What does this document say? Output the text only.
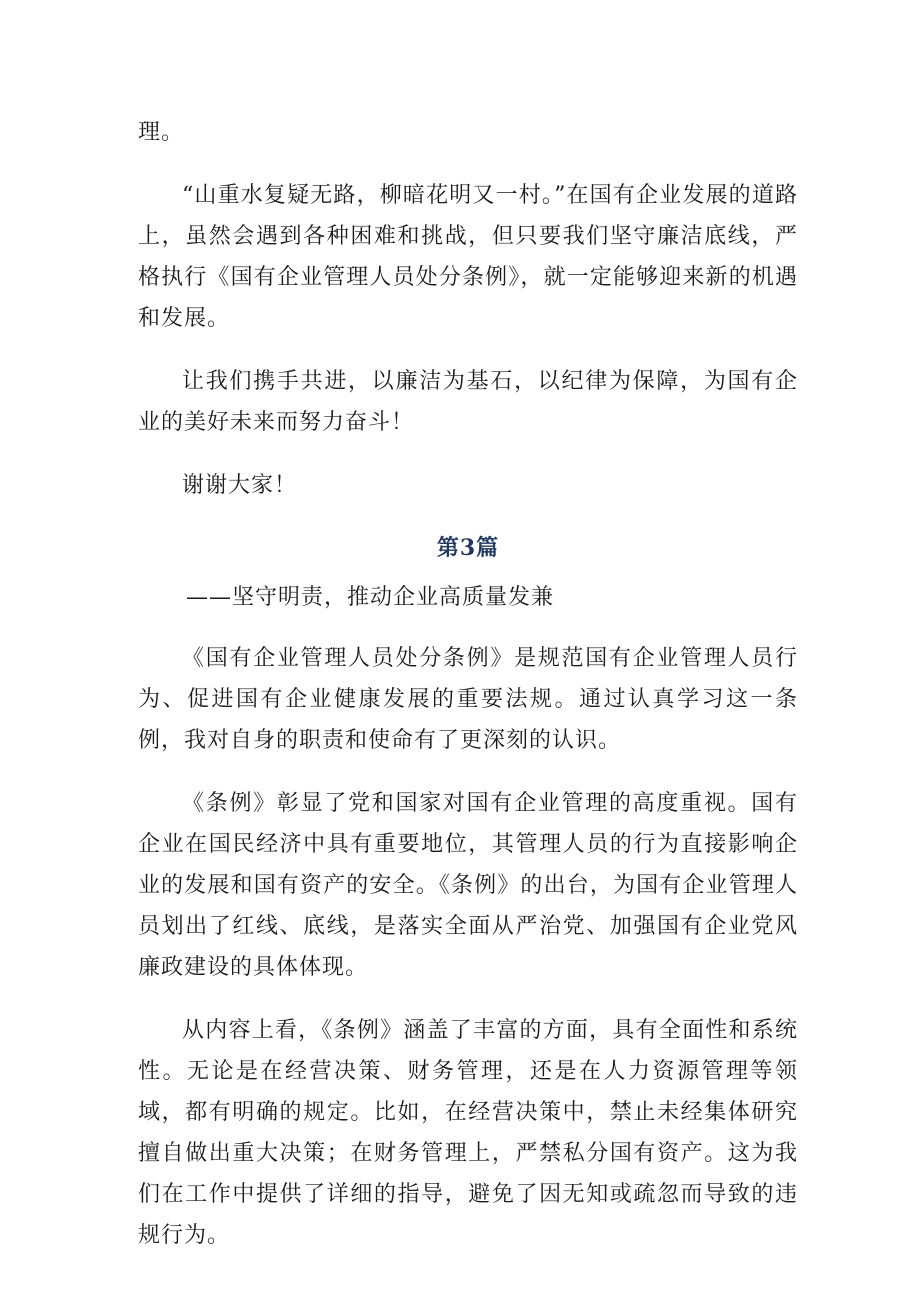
理。

“山重水复疑无路，柳暗花明又一村。”在国有企业发展的道路上，虽然会遇到各种困难和挑战，但只要我们坚守廉洁底线，严格执行《国有企业管理人员处分条例》，就一定能够迎来新的机遇和发展。

让我们携手共进，以廉洁为基石，以纪律为保障，为国有企业的美好未来而努力奋斗！

谢谢大家！

第3篇

——坚守明责，推动企业高质量发兼

《国有企业管理人员处分条例》是规范国有企业管理人员行为、促进国有企业健康发展的重要法规。通过认真学习这一条例，我对自身的职责和使命有了更深刻的认识。

《条例》彰显了党和国家对国有企业管理的高度重视。国有企业在国民经济中具有重要地位，其管理人员的行为直接影响企业的发展和国有资产的安全。《条例》的出台，为国有企业管理人员划出了红线、底线，是落实全面从严治党、加强国有企业党风廉政建设的具体体现。

从内容上看，《条例》涵盖了丰富的方面，具有全面性和系统性。无论是在经营决策、财务管理，还是在人力资源管理等领域，都有明确的规定。比如，在经营决策中，禁止未经集体研究擅自做出重大决策；在财务管理上，严禁私分国有资产。这为我们在工作中提供了详细的指导，避免了因无知或疏忽而导致的违规行为。
